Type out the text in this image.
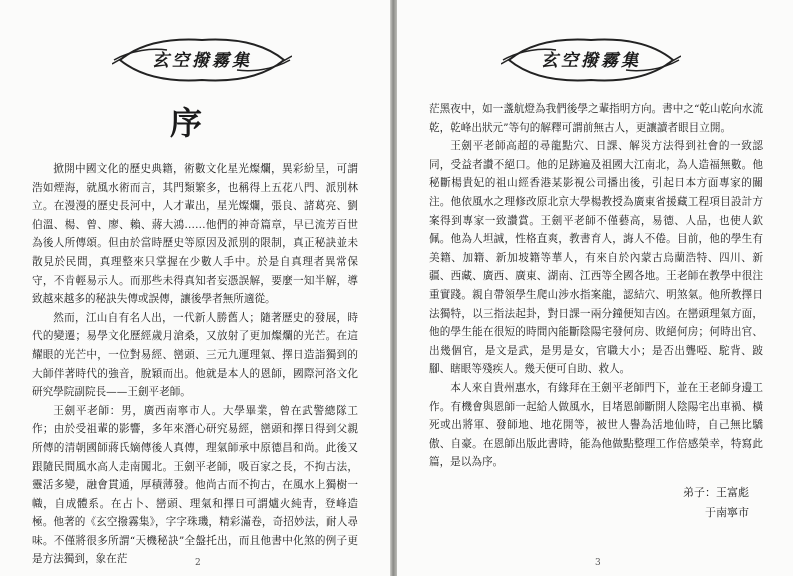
玄空撥霧集
序

掀開中國文化的歷史典籍，術數文化星光燦爛，異彩紛呈，可謂浩如煙海，就風水術而言，其門類繁多，也稱得上五花八門、派別林立。在漫漫的歷史長河中，人才輩出，星光燦爛，張良、諸葛亮、劉伯溫、楊、曾、廖、賴、蔣大鴻……他們的神奇篇章，早已流芳百世為後人所傳頌。但由於當時歷史等原因及派別的限制，真正秘訣並未散見於民間，真理整來只掌握在少數人手中。於是自真理者異常保守，不肯輕易示人。而那些未得真知者妄憑誤解，要麼一知半解，導致越來越多的秘訣失傳或誤傳，讓後學者無所適從。

然而，江山自有名人出，一代新人勝舊人；隨著歷史的發展，時代的變遷；易學文化歷經歲月滄桑，又放射了更加燦爛的光芒。在這耀眼的光芒中，一位對易經、巒頭、三元九運理氣、擇日造詣獨到的大師伴著時代的強音，脫穎而出。他就是本人的恩師，國際河洛文化研究學院副院長——王劍平老師。

王劍平老師：男，廣西南寧市人。大學畢業，曾在武警總隊工作；由於受祖輩的影響，多年來潛心研究易經，巒頭和擇日得到父親所傳的清朝國師蔣氏嫡傳後人真傳，理氣師承中原德昌和尚。此後又跟隨民間風水高人走南闖北。王劍平老師，吸百家之長，不拘古法，靈活多變，融會貫通，厚積薄發。他尚古而不拘古，在風水上獨樹一幟，自成體系。在占卜、巒頭、理氣和擇日可謂爐火純青，登峰造極。他著的《玄空撥霧集》，字字珠璣，精彩滿卷，奇招妙法，耐人尋味。不僅將很多所謂“天機秘訣”全盤托出，而且他書中化煞的例子更是方法獨到，象在茫	2
玄空撥霧集

茫黑夜中，如一盞航燈為我們後學之輩指明方向。書中之“乾山乾向水流乾，乾峰出狀元”等句的解釋可謂前無古人，更讓讀者眼目立開。

王劍平老師高超的尋龍點穴、日課、解災方法得到社會的一致認同，受益者讚不絕口。他的足跡遍及祖國大江南北，為人造福無數。他秘斷楊貴妃的祖山經香港某影視公司播出後，引起日本方面專家的關注。他依風水之理修改原北京大學楊教授為廣東省援藏工程項目設計方案得到專家一致讚賞。王劍平老師不僅藝高，易德、人品，也使人欽佩。他為人坦誠，性格直爽，教書育人，誨人不倦。目前，他的學生有美籍、加籍、新加坡籍等華人，有來自於內蒙古烏蘭浩特、四川、新疆、西藏、廣西、廣東、湖南、江西等全國各地。王老師在教學中很注重實踐。親自帶領學生爬山涉水指案龍，認結穴、明煞氣。他所教擇日法獨特，以三指法起卦，對日課一兩分鐘便知吉凶。在巒頭理氣方面，他的學生能在很短的時間內能斷陰陽宅發何房、敗絕何房；何時出官、出幾個官，是文是武，是男是女，官職大小；是否出聾啞、駝背、跛腳、瞎眼等殘疾人。幾天便可自助、救人。

本人來自貴州惠水，有緣拜在王劍平老師門下，並在王老師身邊工作。有機會與恩師一起給人做風水，目堵恩師斷開人陰陽宅出車禍、橫死或出將軍、發師地、地花開等，被世人譽為活地仙時，自己無比驕傲、自豪。在恩師出版此書時，能為他做點整理工作倍感榮幸，特寫此篇，是以為序。

弟子：王富彪
于南寧市
3
